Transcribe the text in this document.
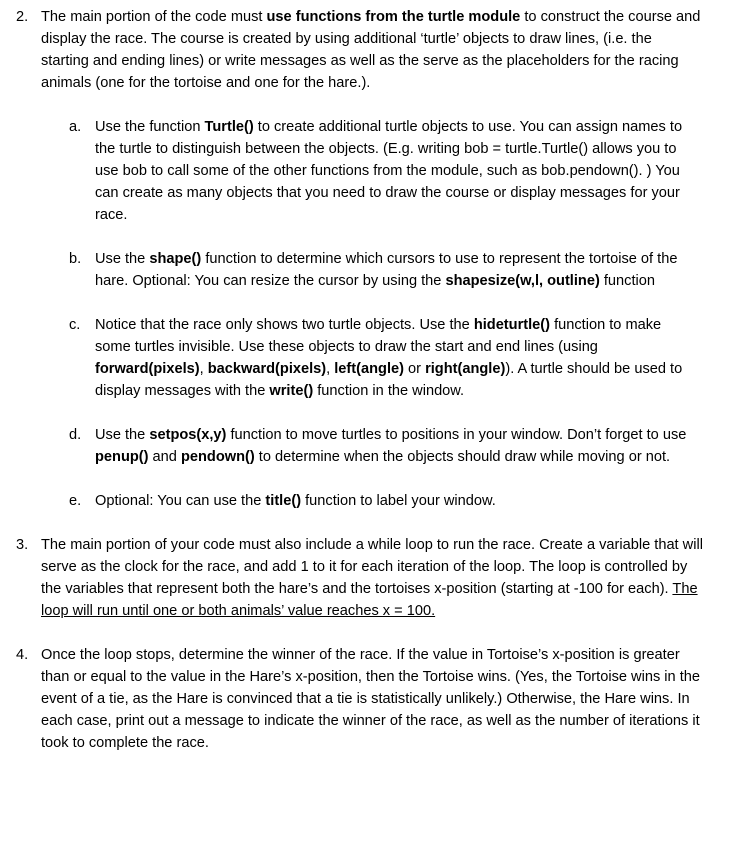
2. The main portion of the code must use functions from the turtle module to construct the course and display the race. The course is created by using additional ‘turtle’ objects to draw lines, (i.e. the starting and ending lines) or write messages as well as the serve as the placeholders for the racing animals (one for the tortoise and one for the hare.).
a. Use the function Turtle() to create additional turtle objects to use. You can assign names to the turtle to distinguish between the objects. (E.g. writing bob = turtle.Turtle() allows you to use bob to call some of the other functions from the module, such as bob.pendown(). ) You can create as many objects that you need to draw the course or display messages for your race.
b. Use the shape() function to determine which cursors to use to represent the tortoise of the hare. Optional: You can resize the cursor by using the shapesize(w,l, outline) function
c. Notice that the race only shows two turtle objects. Use the hideturtle() function to make some turtles invisible. Use these objects to draw the start and end lines (using forward(pixels), backward(pixels), left(angle) or right(angle)). A turtle should be used to display messages with the write() function in the window.
d. Use the setpos(x,y) function to move turtles to positions in your window. Don’t forget to use penup() and pendown() to determine when the objects should draw while moving or not.
e. Optional: You can use the title() function to label your window.
3. The main portion of your code must also include a while loop to run the race. Create a variable that will serve as the clock for the race, and add 1 to it for each iteration of the loop. The loop is controlled by the variables that represent both the hare’s and the tortoises x-position (starting at -100 for each). The loop will run until one or both animals’ value reaches x = 100.
4. Once the loop stops, determine the winner of the race. If the value in Tortoise’s x-position is greater than or equal to the value in the Hare’s x-position, then the Tortoise wins. (Yes, the Tortoise wins in the event of a tie, as the Hare is convinced that a tie is statistically unlikely.) Otherwise, the Hare wins. In each case, print out a message to indicate the winner of the race, as well as the number of iterations it took to complete the race.
